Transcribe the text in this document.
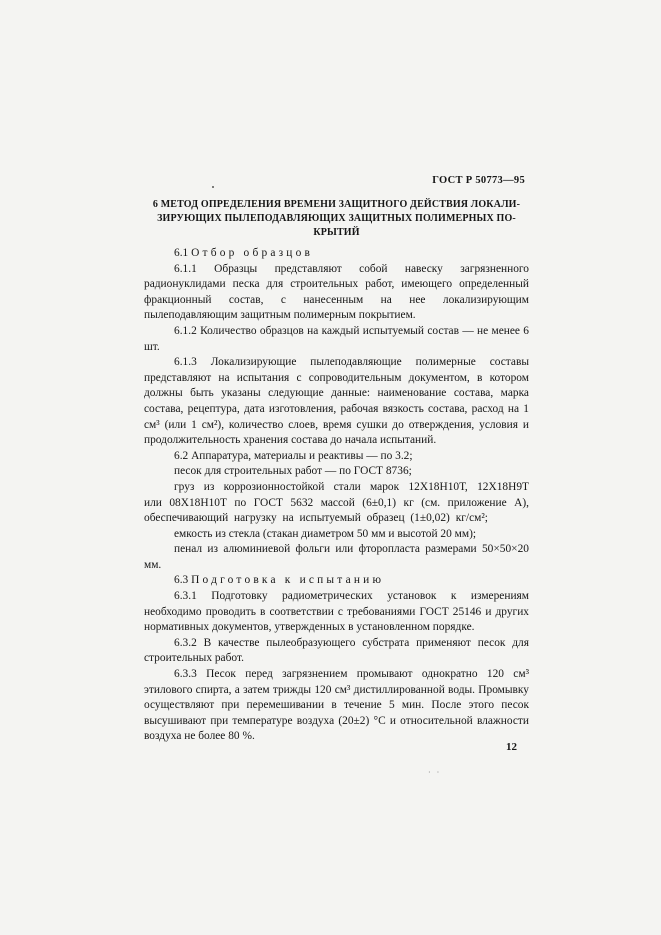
ГОСТ Р 50773—95
6 МЕТОД ОПРЕДЕЛЕНИЯ ВРЕМЕНИ ЗАЩИТНОГО ДЕЙСТВИЯ ЛОКАЛИ-
ЗИРУЮЩИХ ПЫЛЕПОДАВЛЯЮЩИХ ЗАЩИТНЫХ ПОЛИМЕРНЫХ ПО-
КРЫТИЙ

6.1 Отбор образцов

6.1.1 Образцы представляют собой навеску загрязненного радионуклидами песка для строительных работ, имеющего определенный фракционный состав, с нанесенным на нее локализирующим пылеподавляющим защитным полимерным покрытием.

6.1.2 Количество образцов на каждый испытуемый состав — не менее 6 шт.

6.1.3 Локализирующие пылеподавляющие полимерные составы представляют на испытания с сопроводительным документом, в котором должны быть указаны следующие данные: наименование состава, марка состава, рецептура, дата изготовления, рабочая вязкость состава, расход на 1 см³ (или 1 см²), количество слоев, время сушки до отверждения, условия и продолжительность хранения состава до начала испытаний.

6.2 Аппаратура, материалы и реактивы — по 3.2;

песок для строительных работ — по ГОСТ 8736;

груз из коррозионностойкой стали марок 12Х18Н10Т, 12Х18Н9Т или 08Х18Н10Т по ГОСТ 5632 массой (6±0,1) кг (см. приложение А), обеспечивающий нагрузку на испытуемый образец (1±0,02) кг/см²;

емкость из стекла (стакан диаметром 50 мм и высотой 20 мм);

пенал из алюминиевой фольги или фторопласта размерами 50×50×20 мм.

6.3 Подготовка к испытанию

6.3.1 Подготовку радиометрических установок к измерениям необходимо проводить в соответствии с требованиями ГОСТ 25146 и других нормативных документов, утвержденных в установленном порядке.

6.3.2 В качестве пылеобразующего субстрата применяют песок для строительных работ.

6.3.3 Песок перед загрязнением промывают однократно 120 см³ этилового спирта, а затем трижды 120 см³ дистиллированной воды. Промывку осуществляют при перемешивании в течение 5 мин. После этого песок высушивают при температуре воздуха (20±2) °С и относительной влажности воздуха не более 80 %.

12
· ·
